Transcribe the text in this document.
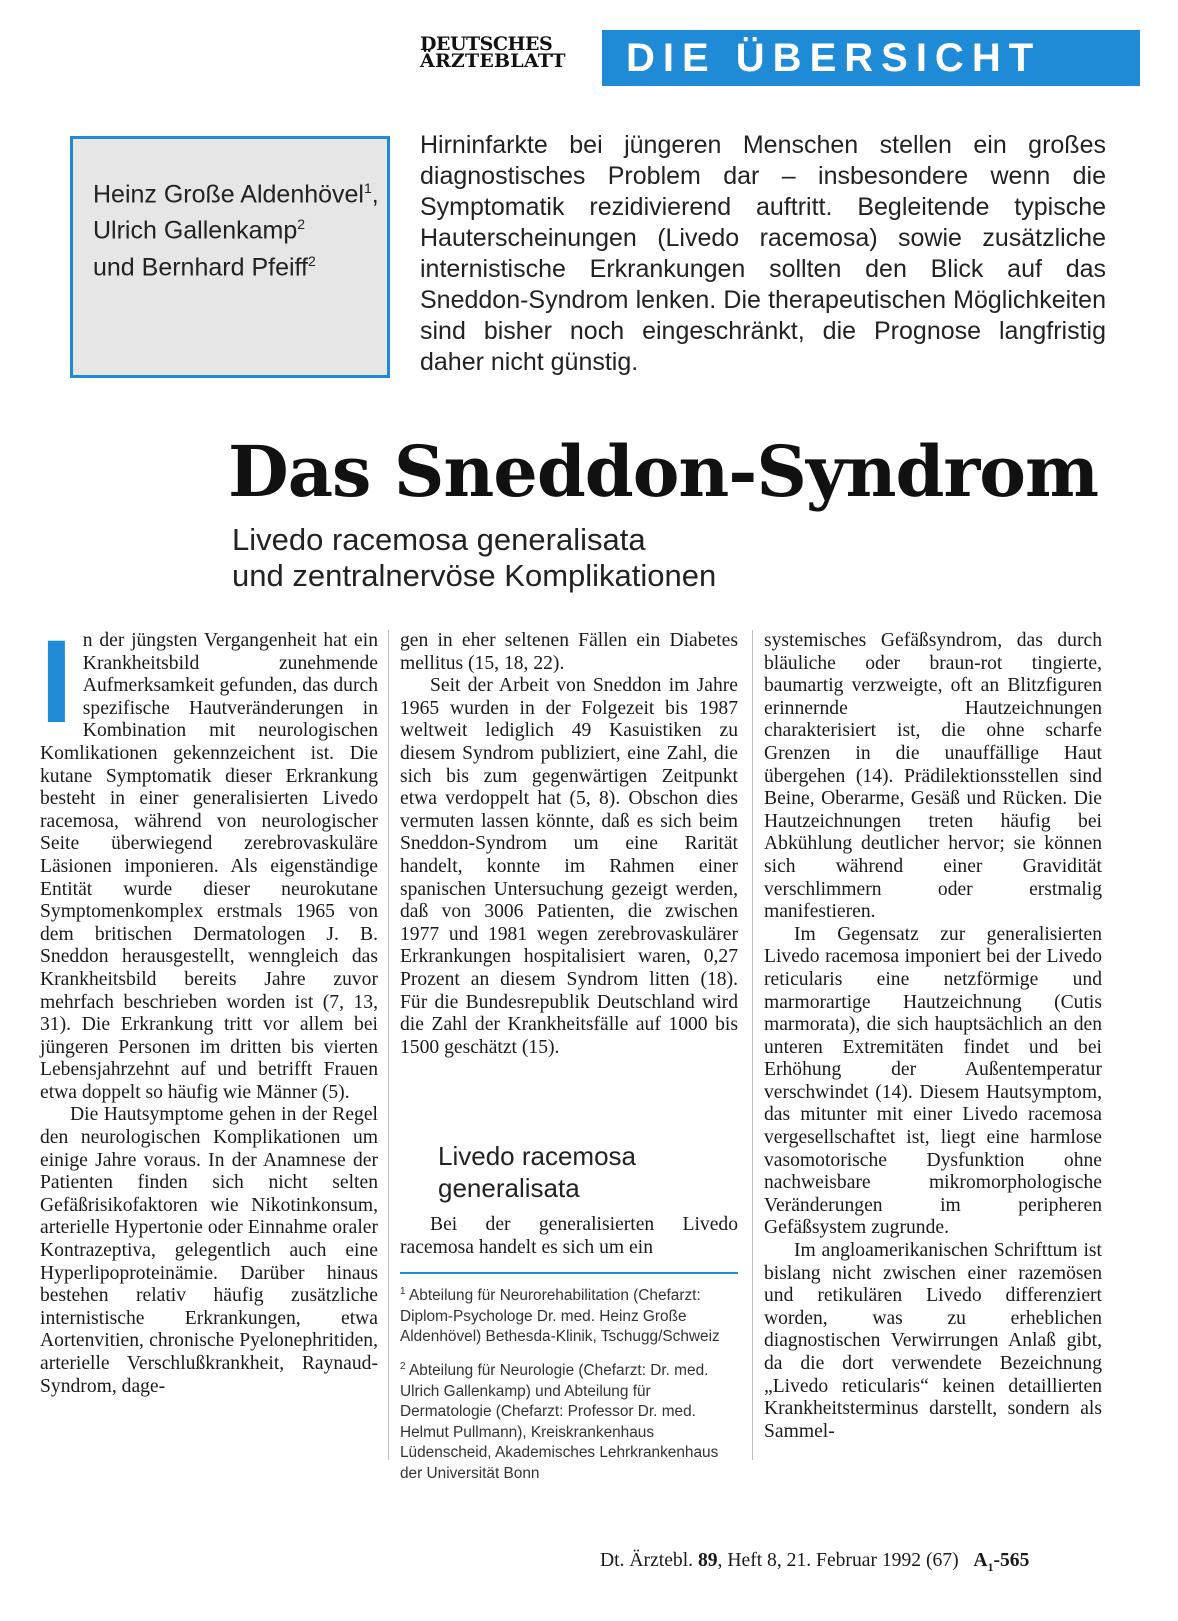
DEUTSCHES
ÄRZTEBLATT	DIE ÜBERSICHT
Heinz Große Aldenhövel$^1$,
Ulrich Gallenkamp$^2$
und Bernhard Pfeiff$^2$
Hirninfarkte bei jüngeren Menschen stellen ein großes diagnostisches Problem dar – insbesondere wenn die Symptomatik rezidivierend auftritt. Begleitende typische Hauterscheinungen (Livedo racemosa) sowie zusätzliche internistische Erkrankungen sollten den Blick auf das Sneddon-Syndrom lenken. Die therapeutischen Möglichkeiten sind bisher noch eingeschränkt, die Prognose langfristig daher nicht günstig.
Das Sneddon-Syndrom
Livedo racemosa generalisata
und zentralnervöse Komplikationen

In der jüngsten Vergangenheit hat ein Krankheitsbild zunehmende Aufmerksamkeit gefunden, das durch spezifische Hautveränderungen in Kombination mit neurologischen Komlikationen gekennzeichent ist. Die kutane Symptomatik dieser Erkrankung besteht in einer generalisierten Livedo racemosa, während von neurologischer Seite überwiegend zerebrovaskuläre Läsionen imponieren. Als eigenständige Entität wurde dieser neurokutane Symptomenkomplex erstmals 1965 von dem britischen Dermatologen J. B. Sneddon herausgestellt, wenngleich das Krankheitsbild bereits Jahre zuvor mehrfach beschrieben worden ist (7, 13, 31). Die Erkrankung tritt vor allem bei jüngeren Personen im dritten bis vierten Lebensjahrzehnt auf und betrifft Frauen etwa doppelt so häufig wie Männer (5).

Die Hautsymptome gehen in der Regel den neurologischen Komplikationen um einige Jahre voraus. In der Anamnese der Patienten finden sich nicht selten Gefäßrisikofaktoren wie Nikotinkonsum, arterielle Hypertonie oder Einnahme oraler Kontrazeptiva, gelegentlich auch eine Hyperlipoproteinämie. Darüber hinaus bestehen relativ häufig zusätzliche internistische Erkrankungen, etwa Aortenvitien, chronische Pyelonephritiden, arterielle Verschlußkrankheit, Raynaud-Syndrom, dage-

gen in eher seltenen Fällen ein Diabetes mellitus (15, 18, 22).

Seit der Arbeit von Sneddon im Jahre 1965 wurden in der Folgezeit bis 1987 weltweit lediglich 49 Kasuistiken zu diesem Syndrom publiziert, eine Zahl, die sich bis zum gegenwärtigen Zeitpunkt etwa verdoppelt hat (5, 8). Obschon dies vermuten lassen könnte, daß es sich beim Sneddon-Syndrom um eine Rarität handelt, konnte im Rahmen einer spanischen Untersuchung gezeigt werden, daß von 3006 Patienten, die zwischen 1977 und 1981 wegen zerebrovaskulärer Erkrankungen hospitalisiert waren, 0,27 Prozent an diesem Syndrom litten (18). Für die Bundesrepublik Deutschland wird die Zahl der Krankheitsfälle auf 1000 bis 1500 geschätzt (15).

Livedo racemosa
generalisata

Bei der generalisierten Livedo racemosa handelt es sich um ein

$^1$ Abteilung für Neurorehabilitation (Chefarzt: Diplom-Psychologe Dr. med. Heinz Große Aldenhövel) Bethesda-Klinik, Tschugg/Schweiz

$^2$ Abteilung für Neurologie (Chefarzt: Dr. med. Ulrich Gallenkamp) und Abteilung für Dermatologie (Chefarzt: Professor Dr. med. Helmut Pullmann), Kreiskrankenhaus Lüdenscheid, Akademisches Lehrkrankenhaus der Universität Bonn

systemisches Gefäßsyndrom, das durch bläuliche oder braun-rot tingierte, baumartig verzweigte, oft an Blitzfiguren erinnernde Hautzeichnungen charakterisiert ist, die ohne scharfe Grenzen in die unauffällige Haut übergehen (14). Prädilektionsstellen sind Beine, Oberarme, Gesäß und Rücken. Die Hautzeichnungen treten häufig bei Abkühlung deutlicher hervor; sie können sich während einer Gravidität verschlimmern oder erstmalig manifestieren.

Im Gegensatz zur generalisierten Livedo racemosa imponiert bei der Livedo reticularis eine netzförmige und marmorartige Hautzeichnung (Cutis marmorata), die sich hauptsächlich an den unteren Extremitäten findet und bei Erhöhung der Außentemperatur verschwindet (14). Diesem Hautsymptom, das mitunter mit einer Livedo racemosa vergesellschaftet ist, liegt eine harmlose vasomotorische Dysfunktion ohne nachweisbare mikromorphologische Veränderungen im peripheren Gefäßsystem zugrunde.

Im angloamerikanischen Schrifttum ist bislang nicht zwischen einer razemösen und retikulären Livedo differenziert worden, was zu erheblichen diagnostischen Verwirrungen Anlaß gibt, da die dort verwendete Bezeichnung „Livedo reticularis“ keinen detaillierten Krankheitsterminus darstellt, sondern als Sammel-

Dt. Ärztebl. 89, Heft 8, 21. Februar 1992 (67) $A_1-565$
